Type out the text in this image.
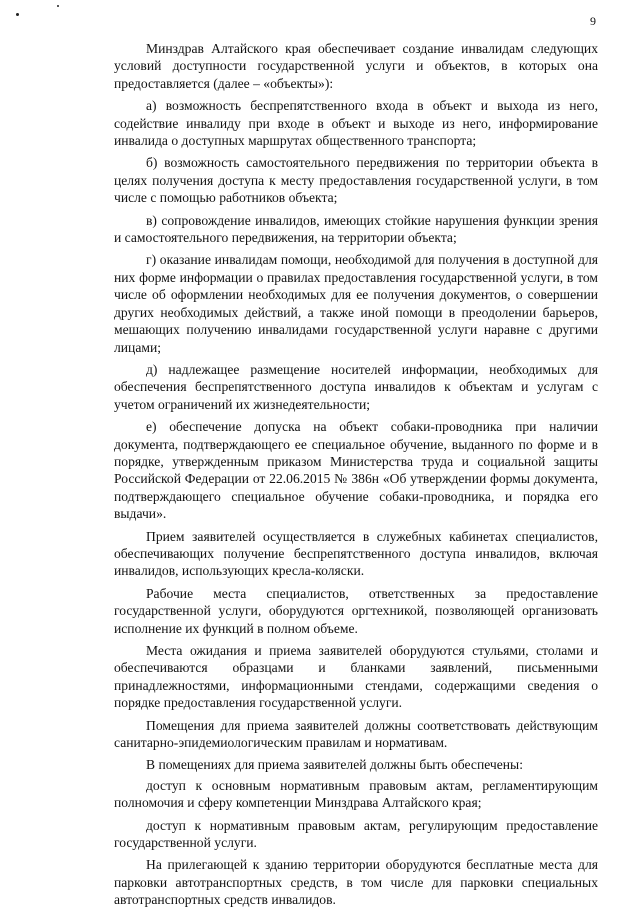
9

Минздрав Алтайского края обеспечивает создание инвалидам следующих условий доступности государственной услуги и объектов, в которых она предоставляется (далее – «объекты»):

а) возможность беспрепятственного входа в объект и выхода из него, содействие инвалиду при входе в объект и выходе из него, информирование инвалида о доступных маршрутах общественного транспорта;

б) возможность самостоятельного передвижения по территории объекта в целях получения доступа к месту предоставления государственной услуги, в том числе с помощью работников объекта;

в) сопровождение инвалидов, имеющих стойкие нарушения функции зрения и самостоятельного передвижения, на территории объекта;

г) оказание инвалидам помощи, необходимой для получения в доступной для них форме информации о правилах предоставления государственной услуги, в том числе об оформлении необходимых для ее получения документов, о совершении других необходимых действий, а также иной помощи в преодолении барьеров, мешающих получению инвалидами государственной услуги наравне с другими лицами;

д) надлежащее размещение носителей информации, необходимых для обеспечения беспрепятственного доступа инвалидов к объектам и услугам с учетом ограничений их жизнедеятельности;

е) обеспечение допуска на объект собаки-проводника при наличии документа, подтверждающего ее специальное обучение, выданного по форме и в порядке, утвержденным приказом Министерства труда и социальной защиты Российской Федерации от 22.06.2015 № 386н «Об утверждении формы документа, подтверждающего специальное обучение собаки-проводника, и порядка его выдачи».

Прием заявителей осуществляется в служебных кабинетах специалистов, обеспечивающих получение беспрепятственного доступа инвалидов, включая инвалидов, использующих кресла-коляски.

Рабочие места специалистов, ответственных за предоставление государственной услуги, оборудуются оргтехникой, позволяющей организовать исполнение их функций в полном объеме.

Места ожидания и приема заявителей оборудуются стульями, столами и обеспечиваются образцами и бланками заявлений, письменными принадлежностями, информационными стендами, содержащими сведения о порядке предоставления государственной услуги.

Помещения для приема заявителей должны соответствовать действующим санитарно-эпидемиологическим правилам и нормативам.

В помещениях для приема заявителей должны быть обеспечены:

доступ к основным нормативным правовым актам, регламентирующим полномочия и сферу компетенции Минздрава Алтайского края;

доступ к нормативным правовым актам, регулирующим предоставление государственной услуги.

На прилегающей к зданию территории оборудуются бесплатные места для парковки автотранспортных средств, в том числе для парковки специальных автотранспортных средств инвалидов.
